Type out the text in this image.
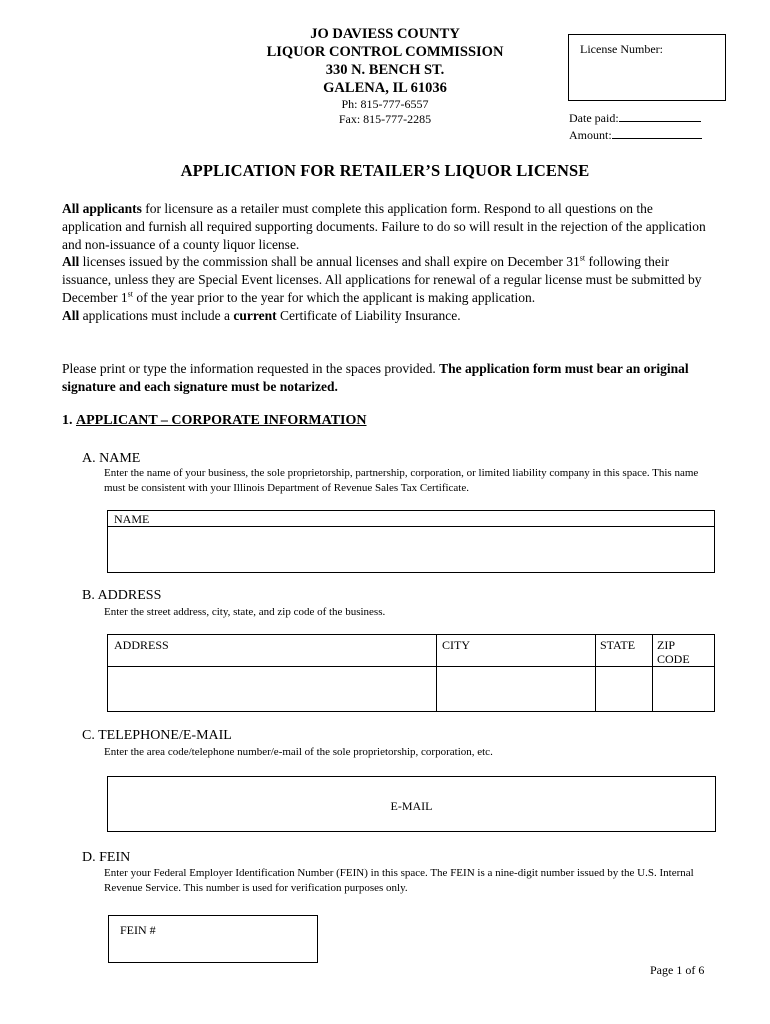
JO DAVIESS COUNTY
LIQUOR CONTROL COMMISSION
330 N. BENCH ST.
GALENA, IL 61036
Ph: 815-777-6557
Fax: 815-777-2285
License Number:
Date paid:
Amount:
APPLICATION FOR RETAILER’S LIQUOR LICENSE
All applicants for licensure as a retailer must complete this application form. Respond to all questions on the application and furnish all required supporting documents. Failure to do so will result in the rejection of the application and non-issuance of a county liquor license.
All licenses issued by the commission shall be annual licenses and shall expire on December 31st following their issuance, unless they are Special Event licenses. All applications for renewal of a regular license must be submitted by December 1st of the year prior to the year for which the applicant is making application.
All applications must include a current Certificate of Liability Insurance.
Please print or type the information requested in the spaces provided. The application form must bear an original signature and each signature must be notarized.
1. APPLICANT – CORPORATE INFORMATION
A. NAME
Enter the name of your business, the sole proprietorship, partnership, corporation, or limited liability company in this space. This name must be consistent with your Illinois Department of Revenue Sales Tax Certificate.
NAME
B. ADDRESS
Enter the street address, city, state, and zip code of the business.
ADDRESS	CITY	STATE ZIP
CODE
C. TELEPHONE/E-MAIL
Enter the area code/telephone number/e-mail of the sole proprietorship, corporation, etc.
E-MAIL
D. FEIN
Enter your Federal Employer Identification Number (FEIN) in this space. The FEIN is a nine-digit number issued by the U.S. Internal Revenue Service. This number is used for verification purposes only.
FEIN #
Page 1 of 6
